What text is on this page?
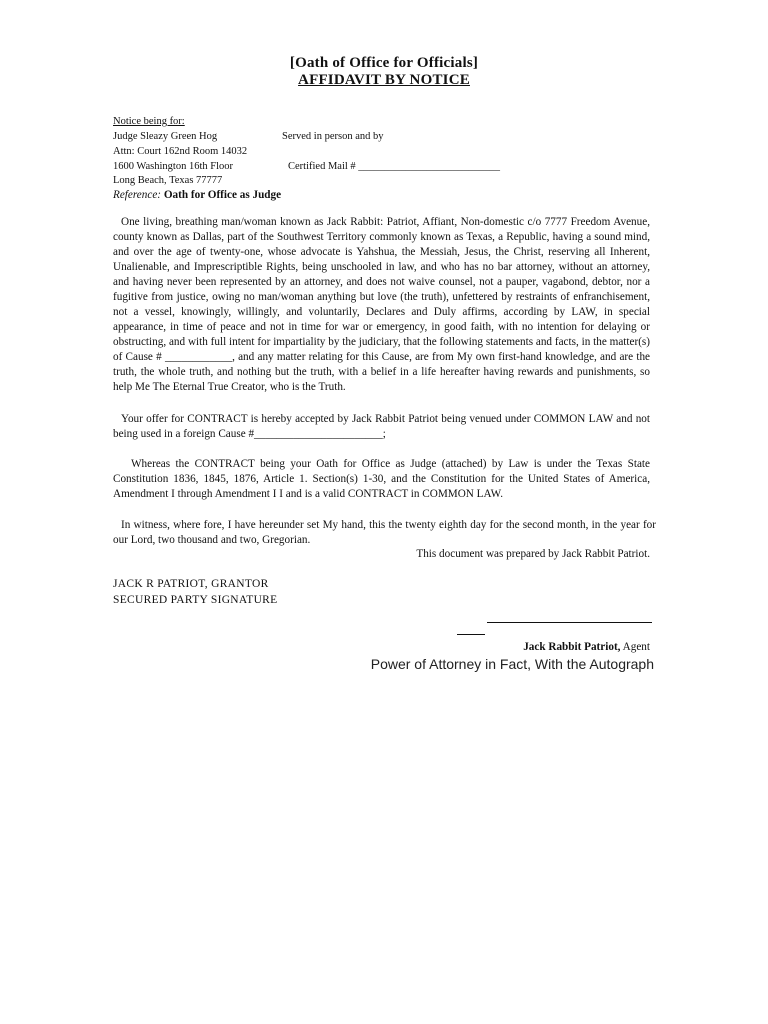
[Oath of Office for Officials]
AFFIDAVIT BY NOTICE
Notice being for:
Judge Sleazy Green Hog	Served in person and by
Attn: Court 162nd Room 14032
1600 Washington 16th Floor	Certified Mail # ___________________________
Long Beach, Texas 77777
Reference: Oath for Office as Judge

One living, breathing man/woman known as Jack Rabbit: Patriot, Affiant, Non-domestic c/o 7777 Freedom Avenue, county known as Dallas, part of the Southwest Territory commonly known as Texas, a Republic, having a sound mind, and over the age of twenty-one, whose advocate is Yahshua, the Messiah, Jesus, the Christ, reserving all Inherent, Unalienable, and Imprescriptible Rights, being unschooled in law, and who has no bar attorney, without an attorney, and having never been represented by an attorney, and does not waive counsel, not a pauper, vagabond, debtor, nor a fugitive from justice, owing no man/woman anything but love (the truth), unfettered by restraints of enfranchisement, not a vessel, knowingly, willingly, and voluntarily, Declares and Duly affirms, according by LAW, in special appearance, in time of peace and not in time for war or emergency, in good faith, with no intention for delaying or obstructing, and with full intent for impartiality by the judiciary, that the following statements and facts, in the matter(s) of Cause # ____________, and any matter relating for this Cause, are from My own first-hand knowledge, and are the truth, the whole truth, and nothing but the truth, with a belief in a life hereafter having rewards and punishments, so help Me The Eternal True Creator, who is the Truth.

Your offer for CONTRACT is hereby accepted by Jack Rabbit Patriot being venued under COMMON LAW and not being used in a foreign Cause #_______________________;

Whereas the CONTRACT being your Oath for Office as Judge (attached) by Law is under the Texas State Constitution 1836, 1845, 1876, Article 1. Section(s) 1-30, and the Constitution for the United States of America, Amendment I through Amendment I I and is a valid CONTRACT in COMMON LAW.

In witness, where fore, I have hereunder set My hand, this the twenty eighth day for the second month, in the year for our Lord, two thousand and two, Gregorian.

This document was prepared by Jack Rabbit Patriot.
JACK R PATRIOT, GRANTOR
SECURED PARTY SIGNATURE
Jack Rabbit Patriot, Agent
Power of Attorney in Fact, With the Autograph
